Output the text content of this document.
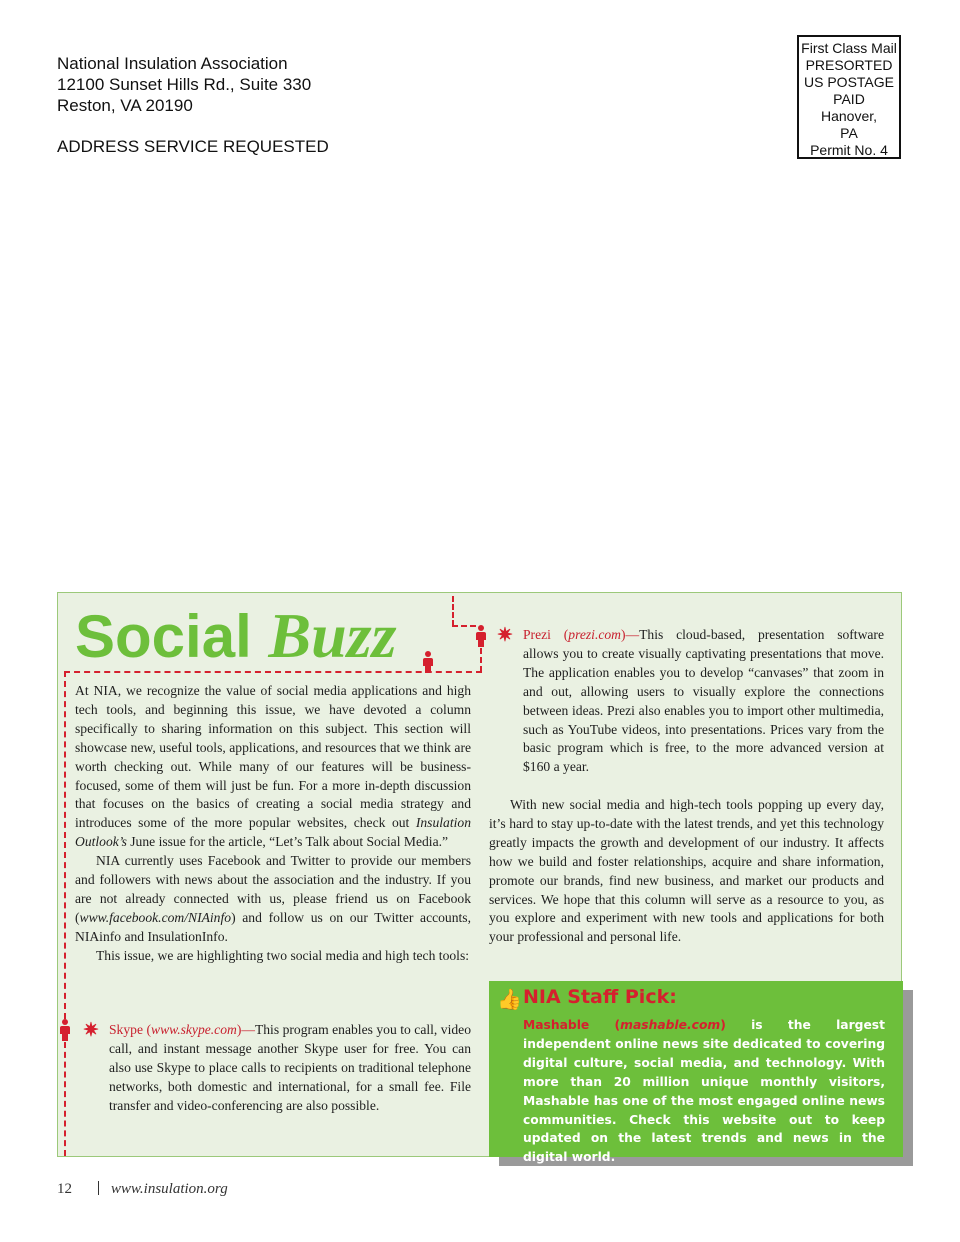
National Insulation Association
12100 Sunset Hills Rd., Suite 330
Reston, VA 20190
ADDRESS SERVICE REQUESTED
First Class Mail
PRESORTED
US POSTAGE
PAID
Hanover,
PA
Permit No. 4
Social Buzz	✷
✷

At NIA, we recognize the value of social media applications and high tech tools, and beginning this issue, we have devoted a column specifically to sharing information on this subject. This section will showcase new, useful tools, applications, and resources that we think are worth checking out. While many of our features will be business-focused, some of them will just be fun. For a more in-depth discussion that focuses on the basics of creating a social media strategy and introduces some of the more popular websites, check out Insulation Outlook’s June issue for the article, “Let’s Talk about Social Media.”

NIA currently uses Facebook and Twitter to provide our members and followers with news about the association and the industry. If you are not already connected with us, please friend us on Facebook (www.facebook.com/NIAinfo) and follow us on our Twitter accounts, NIAinfo and InsulationInfo.

This issue, we are highlighting two social media and high tech tools:

Skype (www.skype.com)—This program enables you to call, video call, and instant message another Skype user for free. You can also use Skype to place calls to recipients on traditional telephone networks, both domestic and international, for a small fee. File transfer and video-conferencing are also possible.

Prezi (prezi.com)—This cloud-based, presentation software allows you to create visually captivating presentations that move. The application enables you to develop “canvases” that zoom in and out, allowing users to visually explore the connections between ideas. Prezi also enables you to import other multimedia, such as YouTube videos, into presentations. Prices vary from the basic program which is free, to the more advanced version at $160 a year.

With new social media and high-tech tools popping up every day, it’s hard to stay up-to-date with the latest trends, and yet this technology greatly impacts the growth and development of our industry. It affects how we build and foster relationships, acquire and share information, promote our brands, find new business, and market our products and services. We hope that this column will serve as a resource to you, as you explore and experiment with new tools and applications for both your professional and personal life.

👍 NIA Staff Pick:

Mashable (mashable.com) is the largest independent online news site dedicated to covering digital culture, social media, and technology. With more than 20 million unique monthly visitors, Mashable has one of the most engaged online news communities. Check this website out to keep updated on the latest trends and news in the digital world.

12	www.insulation.org
